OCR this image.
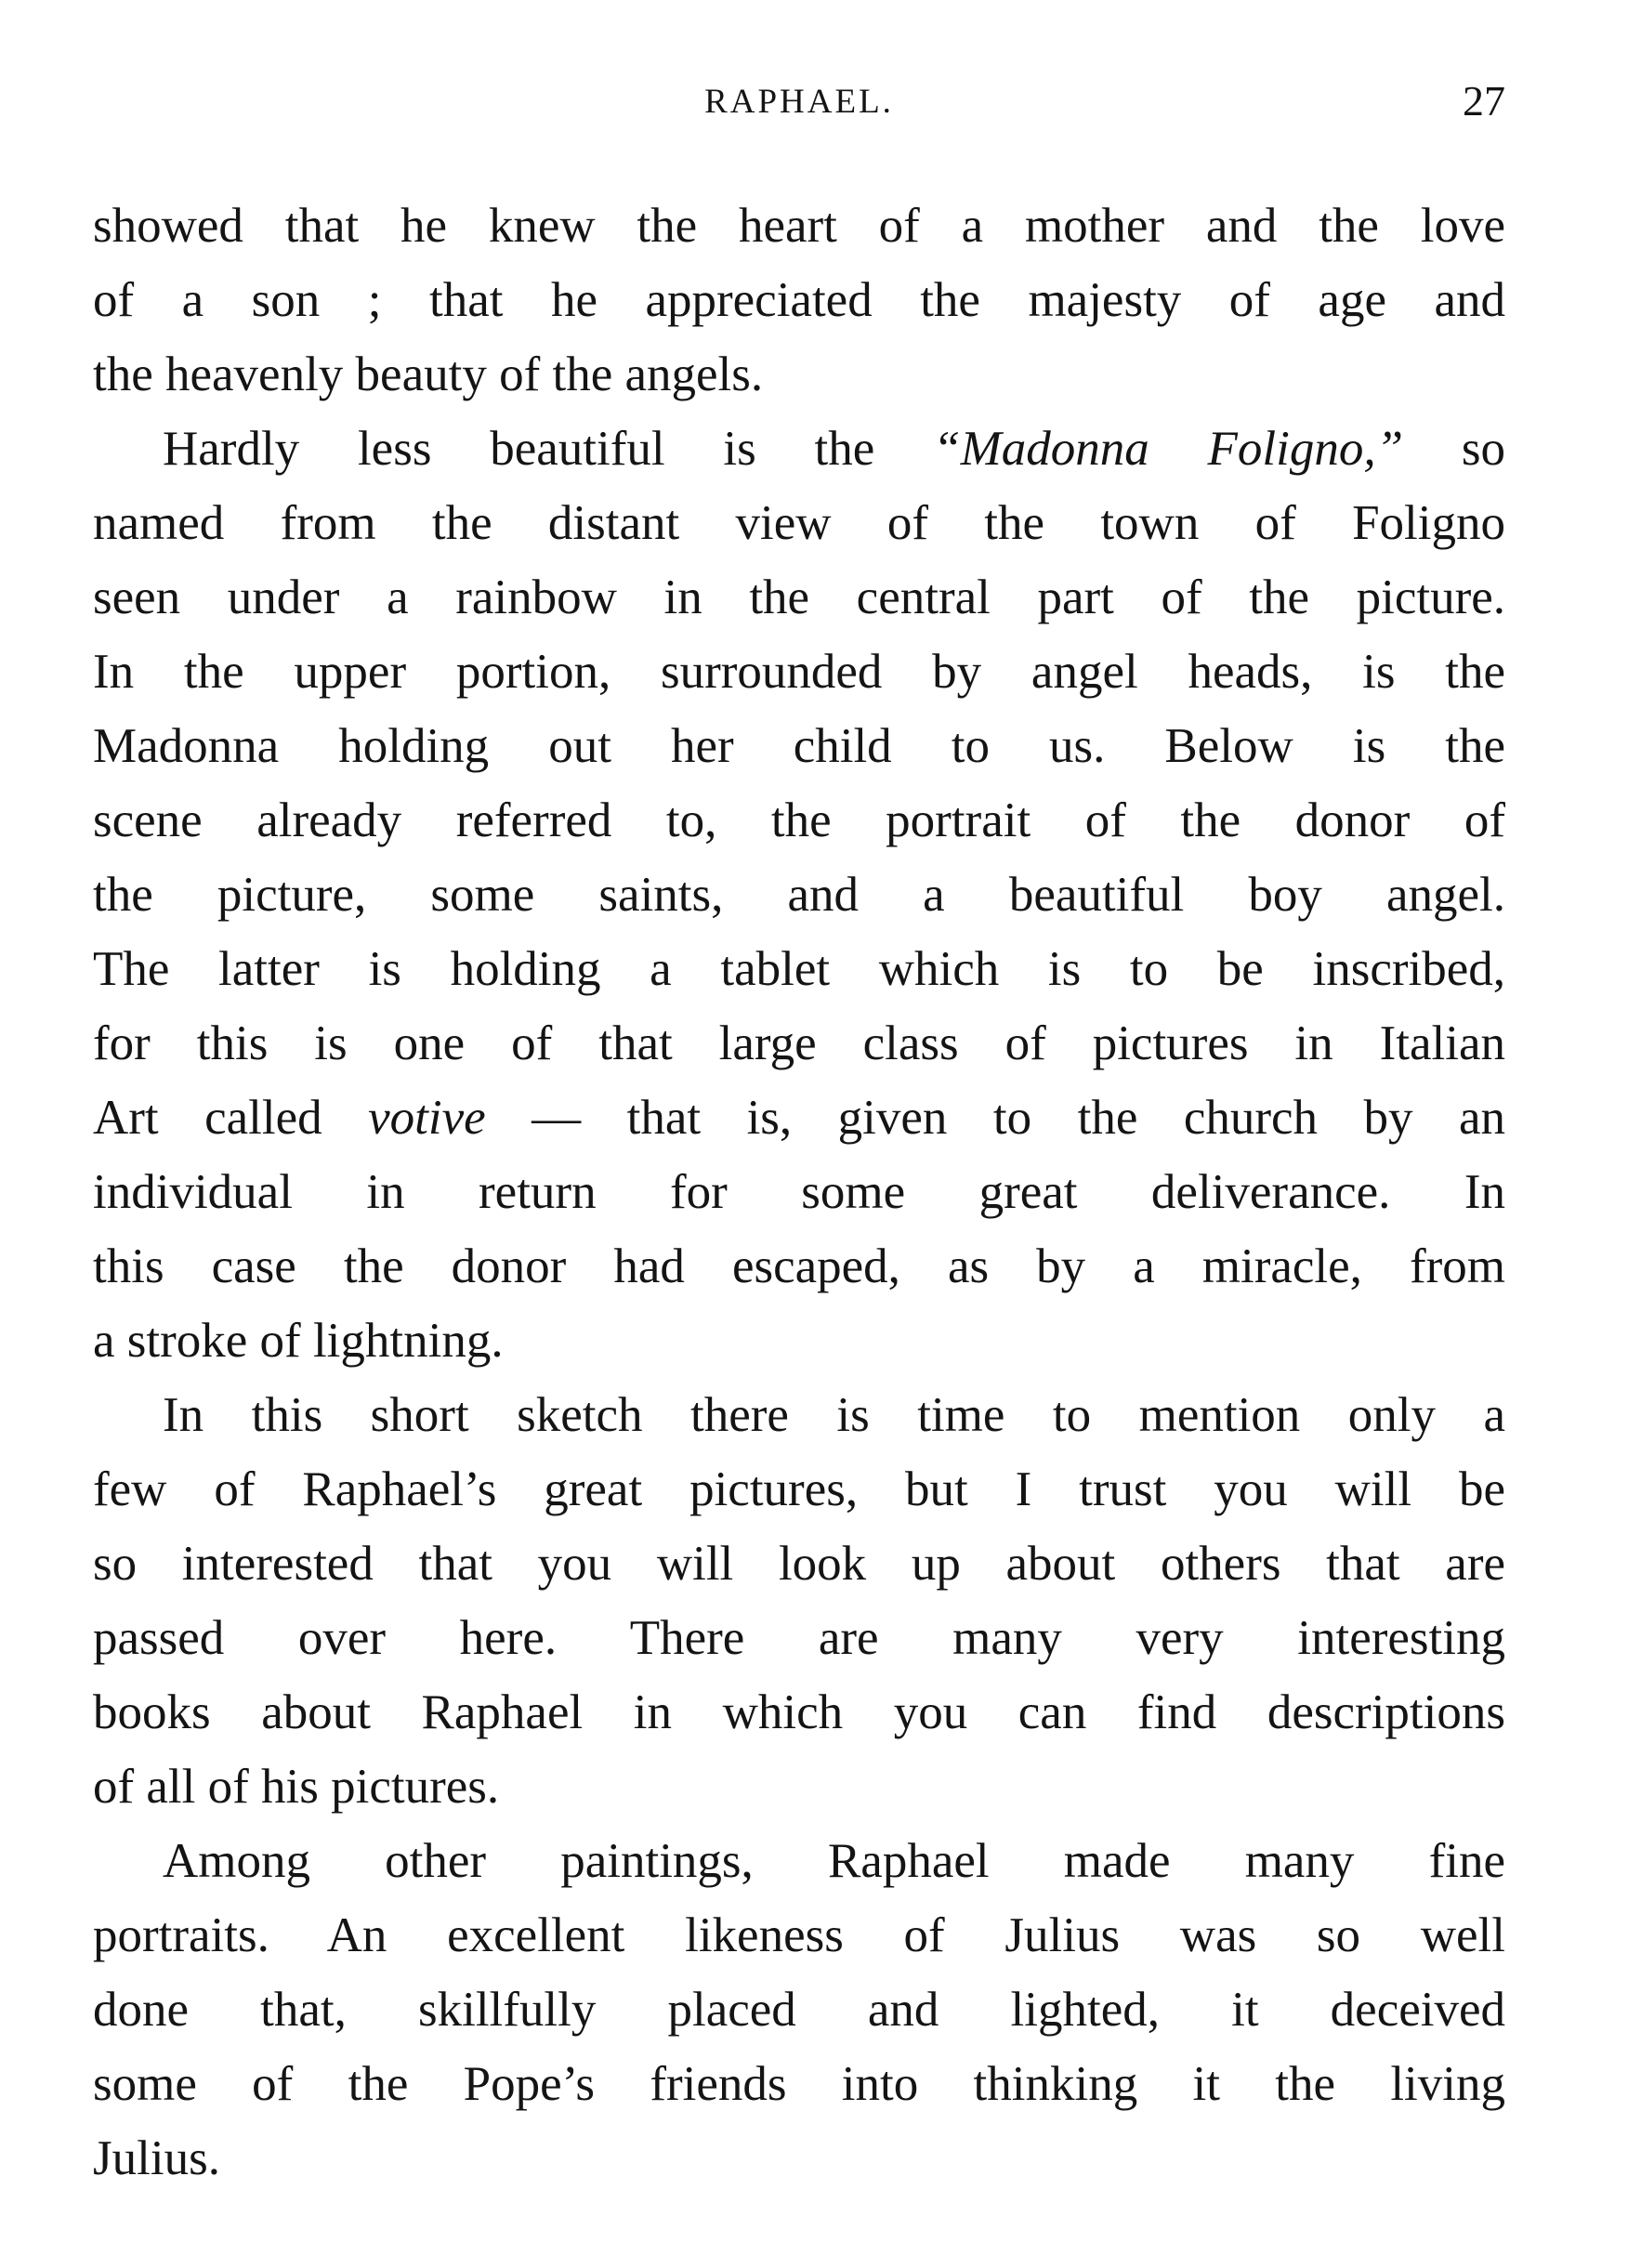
RAPHAEL.	27
showed that he knew the heart of a mother and the love
of a son ; that he appreciated the majesty of age and
the heavenly beauty of the angels.
Hardly less beautiful is the “Madonna Foligno,” so
named from the distant view of the town of Foligno
seen under a rainbow in the central part of the picture.
In the upper portion, surrounded by angel heads, is the
Madonna holding out her child to us. Below is the
scene already referred to, the portrait of the donor of
the picture, some saints, and a beautiful boy angel.
The latter is holding a tablet which is to be inscribed,
for this is one of that large class of pictures in Italian
Art called votive — that is, given to the church by an
individual in return for some great deliverance. In
this case the donor had escaped, as by a miracle, from
a stroke of lightning.
In this short sketch there is time to mention only a
few of Raphael’s great pictures, but I trust you will be
so interested that you will look up about others that are
passed over here. There are many very interesting
books about Raphael in which you can find descriptions
of all of his pictures.
Among other paintings, Raphael made many fine
portraits. An excellent likeness of Julius was so well
done that, skillfully placed and lighted, it deceived
some of the Pope’s friends into thinking it the living
Julius.
